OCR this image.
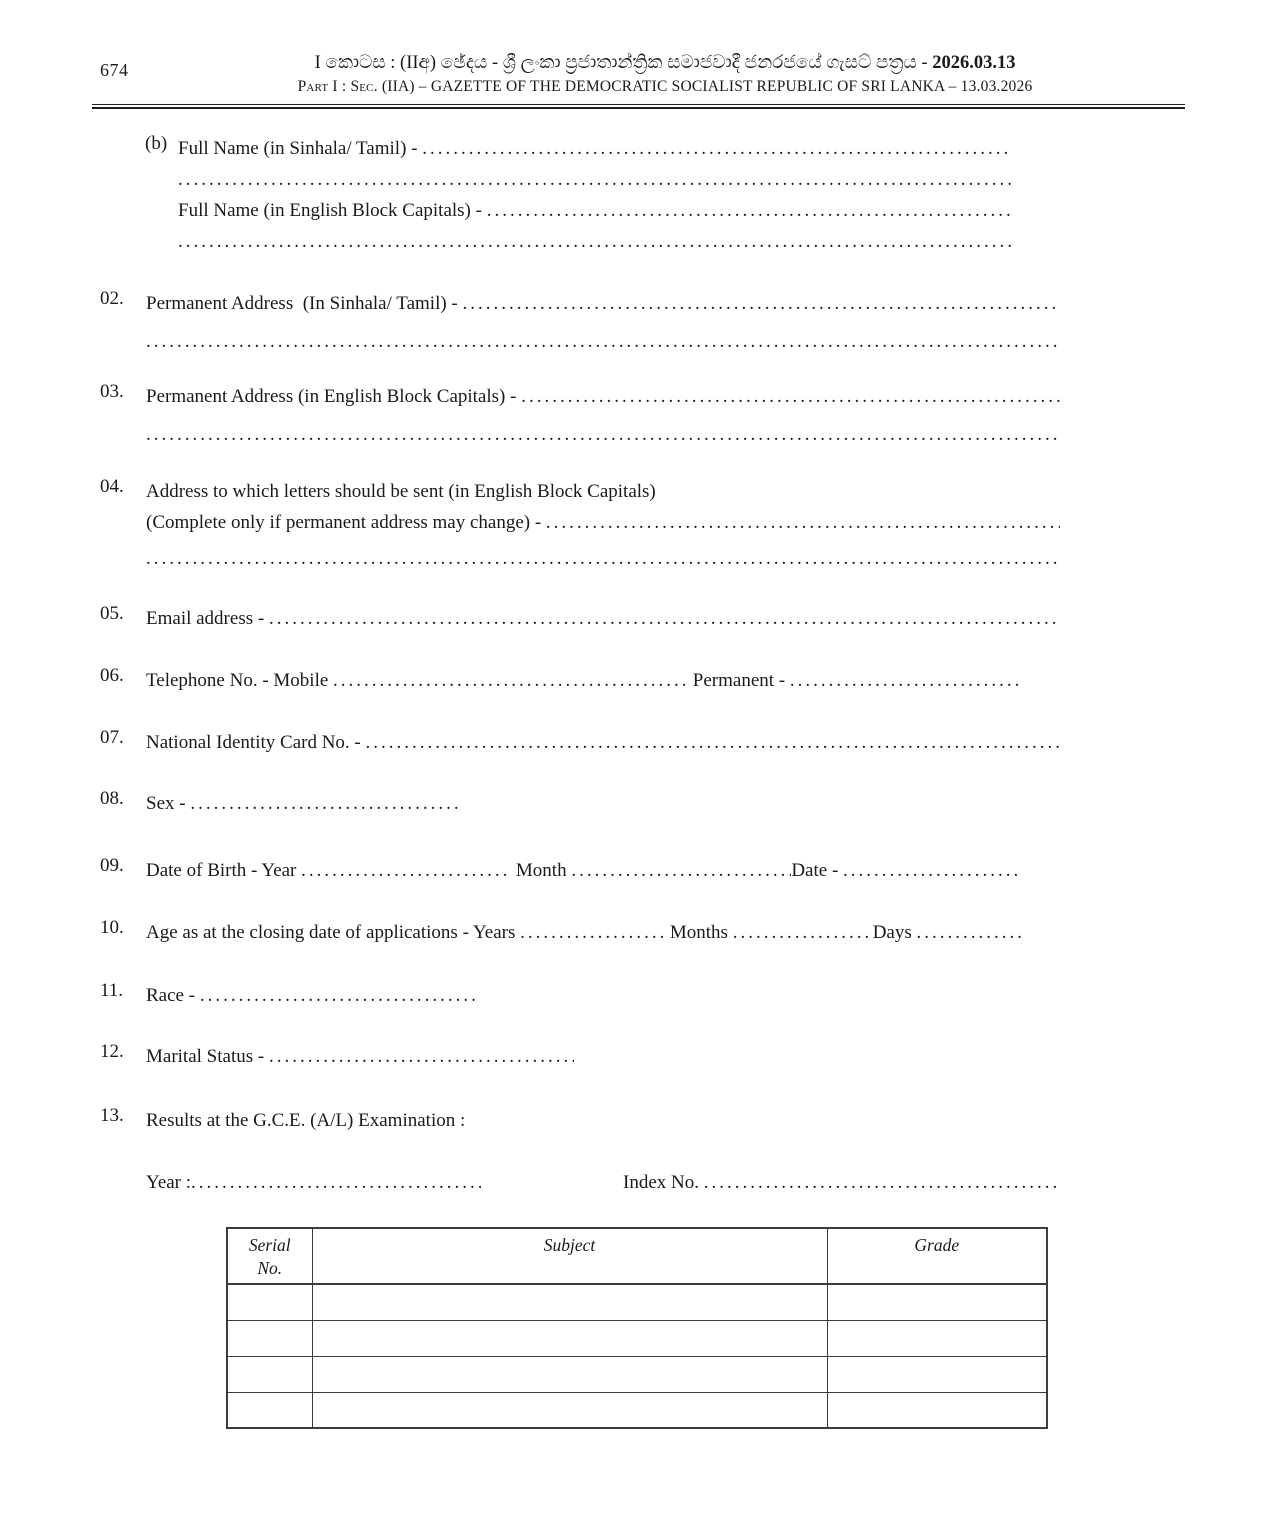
674	I කොටස : (IIඅ) ඡේදය - ශ්‍රී ලංකා ප්‍රජාතාන්ත්‍රික සමාජවාදී ජනරජයේ ගැසට් පත්‍රය - 2026.03.13
Part I : Sec. (IIA) – GAZETTE OF THE DEMOCRATIC SOCIALIST REPUBLIC OF SRI LANKA – 13.03.2026
(b) Full Name (in Sinhala/ Tamil) -
.....
.....
Full Name (in English Block Capitals) -
.....
.....
02.	Permanent Address  (In Sinhala/ Tamil) -
.....
.....
03.	Permanent Address (in English Block Capitals) -
.....
.....
04.	Address to which letters should be sent (in English Block Capitals)
(Complete only if permanent address may change) -
.....
.....
05.	Email address -
.....
06.	Telephone No. - Mobile .....	Permanent -
.....
07.	National Identity Card No. -
.....
08.	Sex -
.....
09.	Date of Birth - Year .....	Month .....	Date -
.....
10.	Age as at the closing date of applications - Years .....	Months .....	Days
.....
11.	Race -
.....
12.	Marital Status -
.....
13.	Results at the G.C.E. (A/L) Examination :
Year : .....	Index No.
.....
Serial No.	Subject	Grade
